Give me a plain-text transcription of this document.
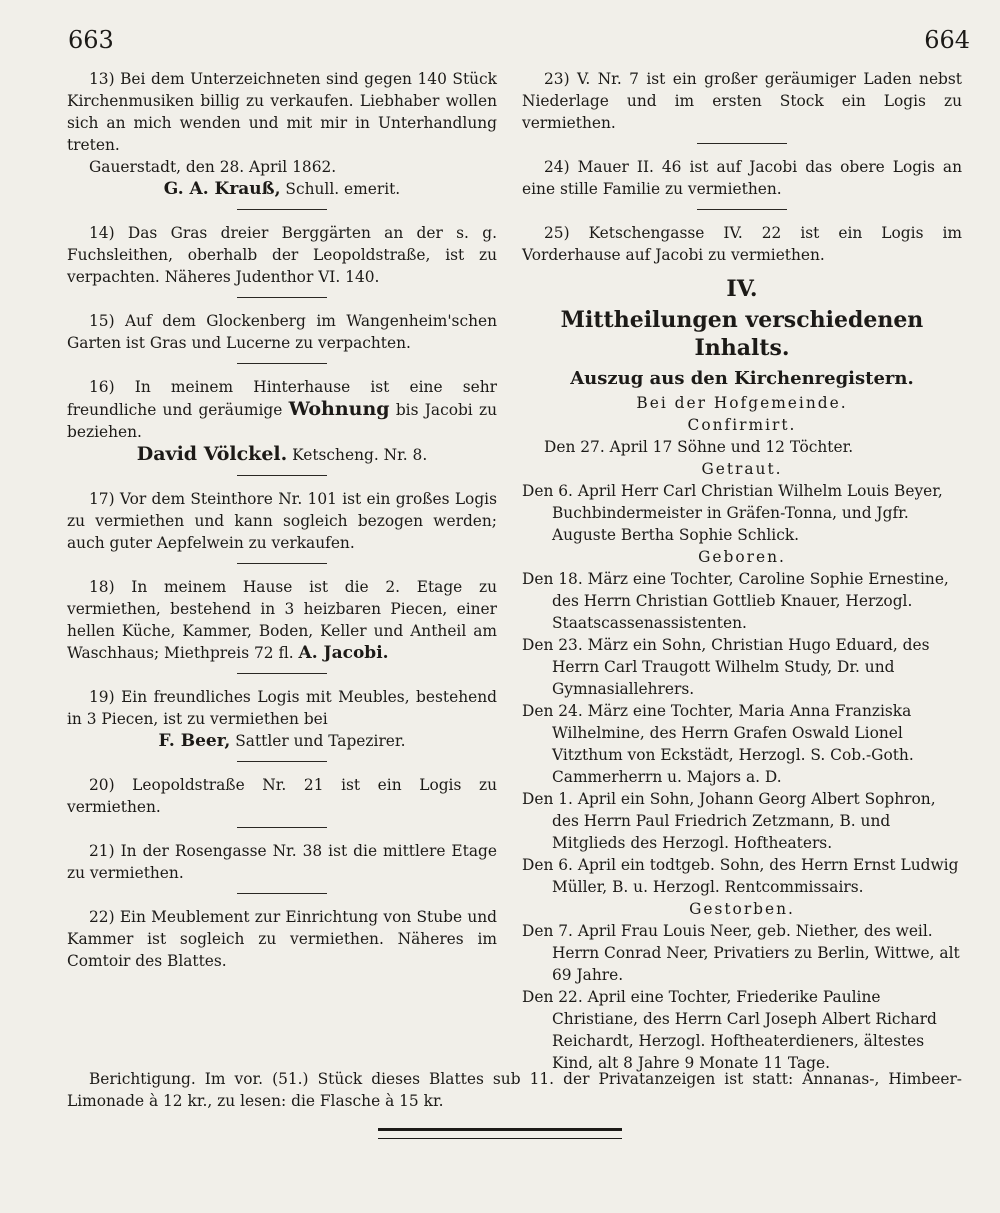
663	664

13) Bei dem Unterzeichneten sind gegen 140 Stück Kirchenmusiken billig zu verkaufen. Liebhaber wollen sich an mich wenden und mit mir in Unterhandlung treten.

Gauerstadt, den 28. April 1862.

G. A. Krauß, Schull. emerit.

14) Das Gras dreier Berggärten an der s. g. Fuchsleithen, oberhalb der Leopoldstraße, ist zu verpachten. Näheres Judenthor VI. 140.

15) Auf dem Glockenberg im Wangenheim'schen Garten ist Gras und Lucerne zu verpachten.

16) In meinem Hinterhause ist eine sehr freundliche und geräumige Wohnung bis Jacobi zu beziehen.

David Völckel. Ketscheng. Nr. 8.

17) Vor dem Steinthore Nr. 101 ist ein großes Logis zu vermiethen und kann sogleich bezogen werden; auch guter Aepfelwein zu verkaufen.

18) In meinem Hause ist die 2. Etage zu vermiethen, bestehend in 3 heizbaren Piecen, einer hellen Küche, Kammer, Boden, Keller und Antheil am Waschhaus; Miethpreis 72 fl. A. Jacobi.

19) Ein freundliches Logis mit Meubles, bestehend in 3 Piecen, ist zu vermiethen bei

F. Beer, Sattler und Tapezirer.

20) Leopoldstraße Nr. 21 ist ein Logis zu vermiethen.

21) In der Rosengasse Nr. 38 ist die mittlere Etage zu vermiethen.

22) Ein Meublement zur Einrichtung von Stube und Kammer ist sogleich zu vermiethen. Näheres im Comtoir des Blattes.

23) V. Nr. 7 ist ein großer geräumiger Laden nebst Niederlage und im ersten Stock ein Logis zu vermiethen.

24) Mauer II. 46 ist auf Jacobi das obere Logis an eine stille Familie zu vermiethen.

25) Ketschengasse IV. 22 ist ein Logis im Vorderhause auf Jacobi zu vermiethen.

IV.
Mittheilungen verschiedenen Inhalts.
Auszug aus den Kirchenregistern.

Bei der Hofgemeinde.

Confirmirt.

Den 27. April 17 Söhne und 12 Töchter.

Getraut.

Den 6. April Herr Carl Christian Wilhelm Louis Beyer, Buchbindermeister in Gräfen-Tonna, und Jgfr. Auguste Bertha Sophie Schlick.

Geboren.

Den 18. März eine Tochter, Caroline Sophie Ernestine, des Herrn Christian Gottlieb Knauer, Herzogl. Staatscassenassistenten.

Den 23. März ein Sohn, Christian Hugo Eduard, des Herrn Carl Traugott Wilhelm Study, Dr. und Gymnasiallehrers.

Den 24. März eine Tochter, Maria Anna Franziska Wilhelmine, des Herrn Grafen Oswald Lionel Vitzthum von Eckstädt, Herzogl. S. Cob.-Goth. Cammerherrn u. Majors a. D.

Den 1. April ein Sohn, Johann Georg Albert Sophron, des Herrn Paul Friedrich Zetzmann, B. und Mitglieds des Herzogl. Hoftheaters.

Den 6. April ein todtgeb. Sohn, des Herrn Ernst Ludwig Müller, B. u. Herzogl. Rentcommissairs.

Gestorben.

Den 7. April Frau Louis Neer, geb. Niether, des weil. Herrn Conrad Neer, Privatiers zu Berlin, Wittwe, alt 69 Jahre.

Den 22. April eine Tochter, Friederike Pauline Christiane, des Herrn Carl Joseph Albert Richard Reichardt, Herzogl. Hoftheaterdieners, ältestes Kind, alt 8 Jahre 9 Monate 11 Tage.

Berichtigung. Im vor. (51.) Stück dieses Blattes sub 11. der Privatanzeigen ist statt: Annanas-, Himbeer-Limonade à 12 kr., zu lesen: die Flasche à 15 kr.
